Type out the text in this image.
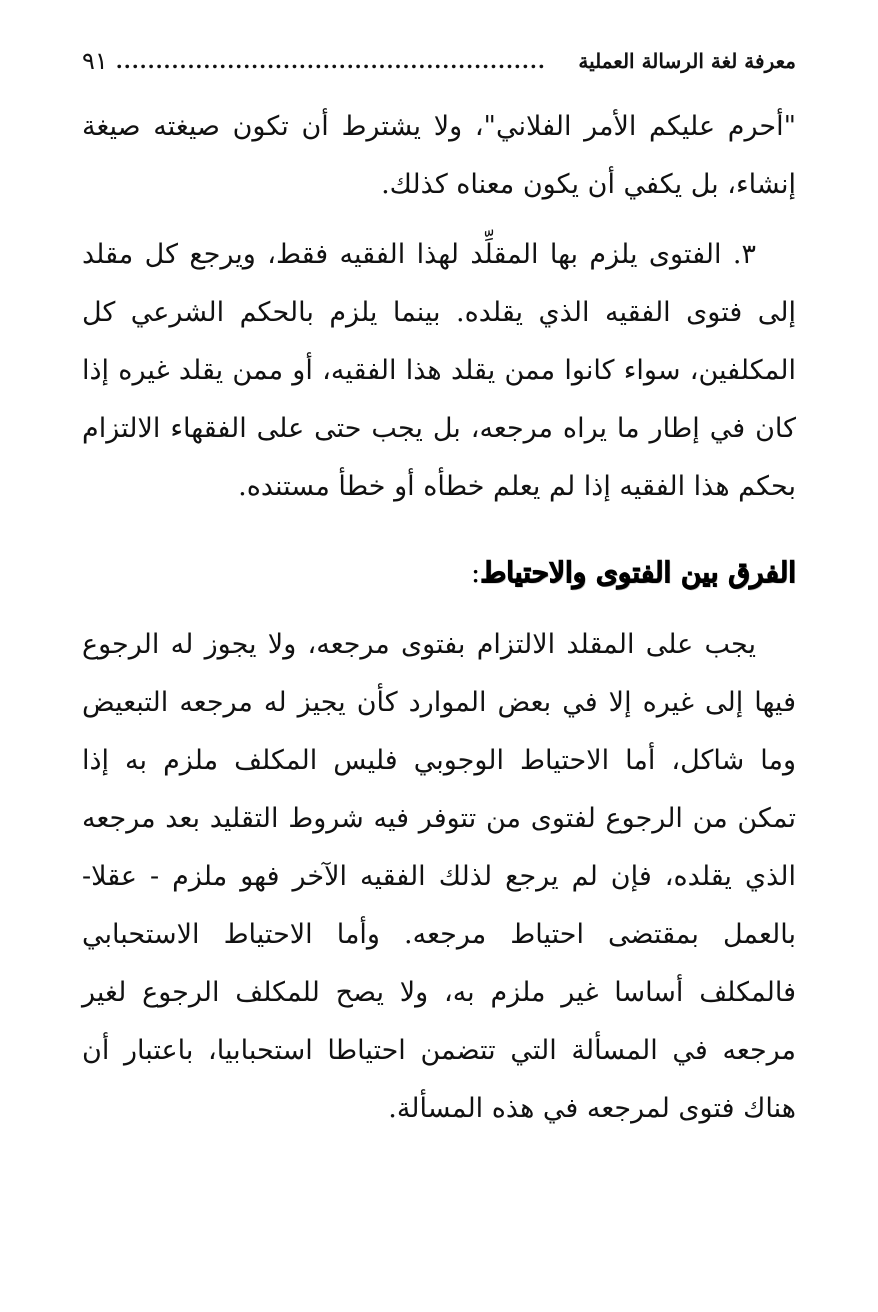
معرفة لغة الرسالة العملية
......................................................
٩١

"أحرم عليكم الأمر الفلاني"، ولا يشترط أن تكون صيغته صيغة إنشاء، بل يكفي أن يكون معناه كذلك.

٣. الفتوى يلزم بها المقلِّد لهذا الفقيه فقط، ويرجع كل مقلد إلى فتوى الفقيه الذي يقلده. بينما يلزم بالحكم الشرعي كل المكلفين، سواء كانوا ممن يقلد هذا الفقيه، أو ممن يقلد غيره إذا كان في إطار ما يراه مرجعه، بل يجب حتى على الفقهاء الالتزام بحكم هذا الفقيه إذا لم يعلم خطأه أو خطأ مستنده.

الفرق بين الفتوى والاحتياط:

يجب على المقلد الالتزام بفتوى مرجعه، ولا يجوز له الرجوع فيها إلى غيره إلا في بعض الموارد كأن يجيز له مرجعه التبعيض وما شاكل، أما الاحتياط الوجوبي فليس المكلف ملزم به إذا تمكن من الرجوع لفتوى من تتوفر فيه شروط التقليد بعد مرجعه الذي يقلده، فإن لم يرجع لذلك الفقيه الآخر فهو ملزم - عقلا- بالعمل بمقتضى احتياط مرجعه. وأما الاحتياط الاستحبابي فالمكلف أساسا غير ملزم به، ولا يصح للمكلف الرجوع لغير مرجعه في المسألة التي تتضمن احتياطا استحبابيا، باعتبار أن هناك فتوى لمرجعه في هذه المسألة.
